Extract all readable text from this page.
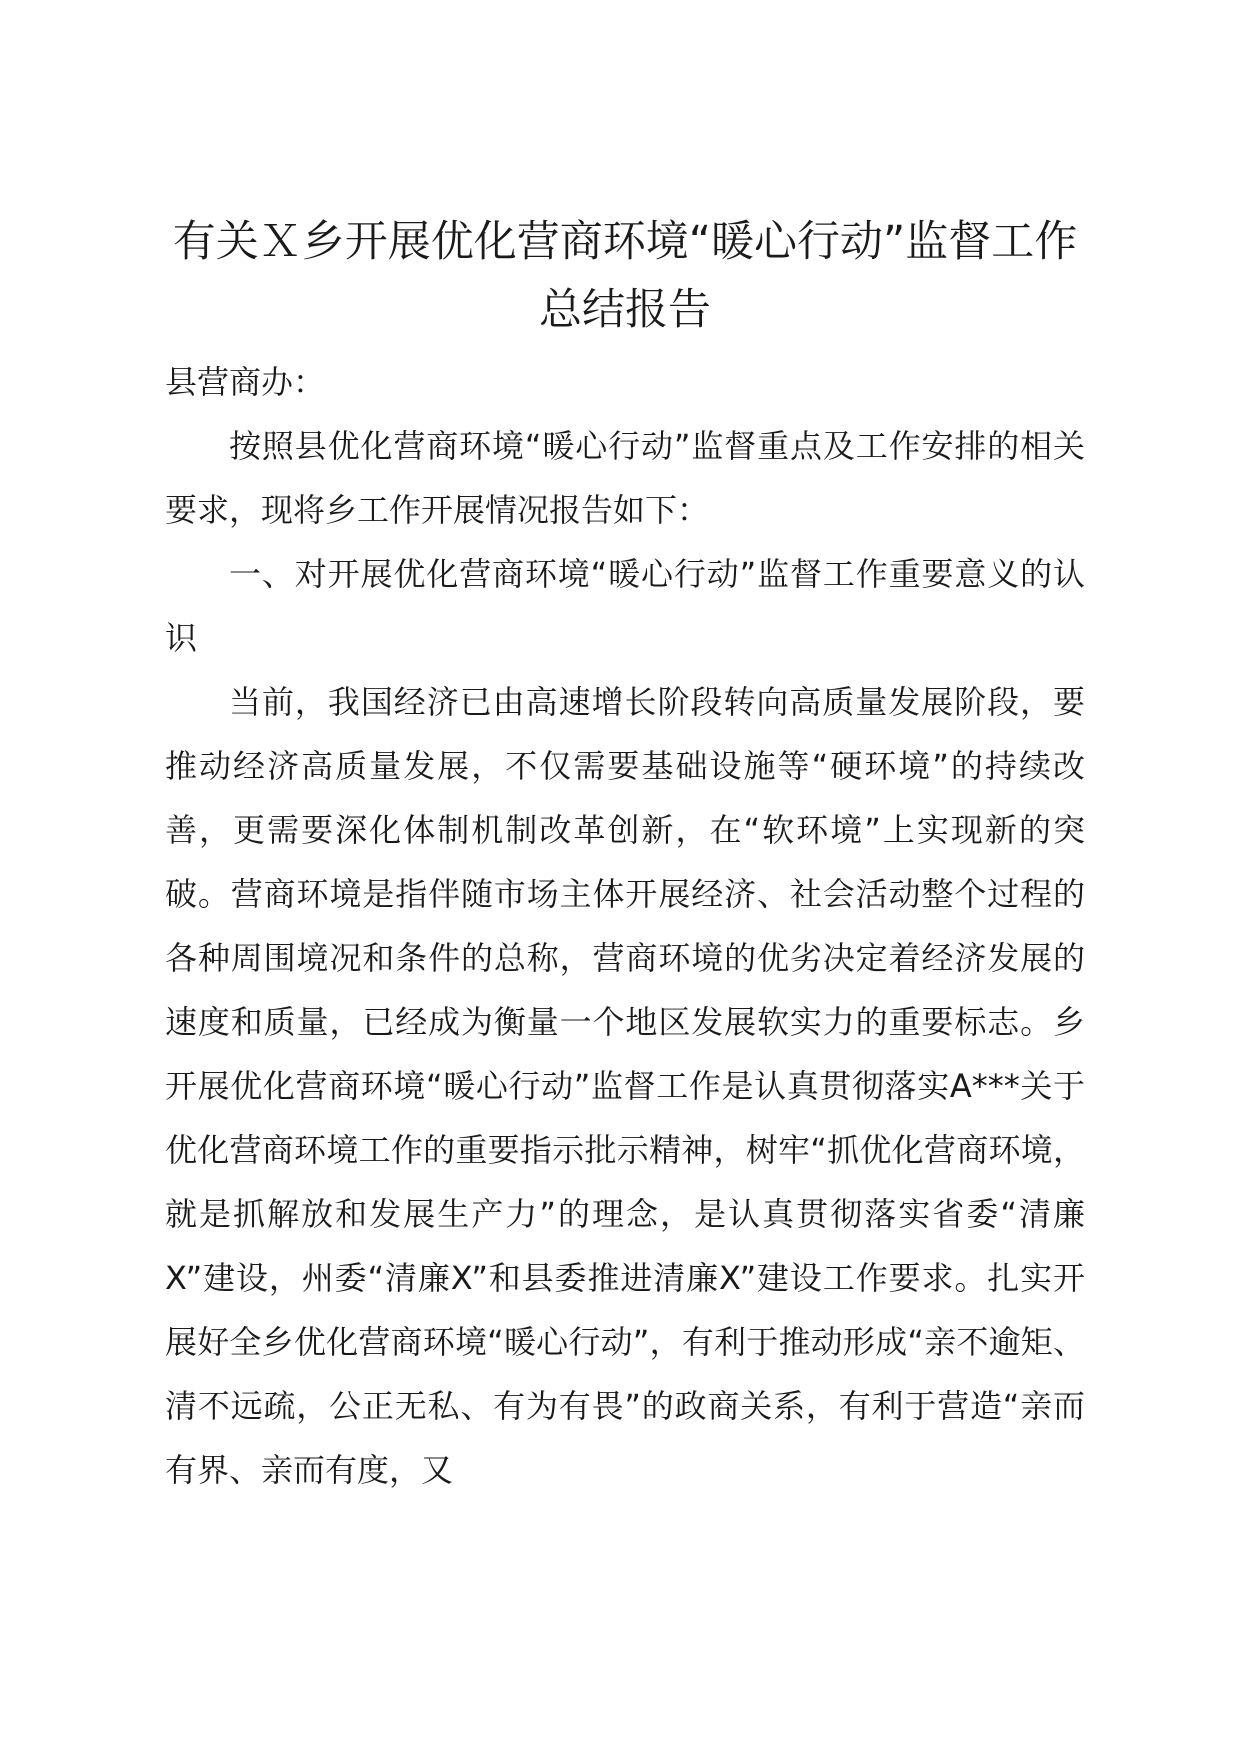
有关Ｘ乡开展优化营商环境“暖心行动”监督工作总结报告

县营商办：

按照县优化营商环境“暖心行动”监督重点及工作安排的相关要求，现将乡工作开展情况报告如下：

一、对开展优化营商环境“暖心行动”监督工作重要意义的认识

当前，我国经济已由高速增长阶段转向高质量发展阶段，要推动经济高质量发展，不仅需要基础设施等“硬环境”的持续改善，更需要深化体制机制改革创新，在“软环境”上实现新的突破。营商环境是指伴随市场主体开展经济、社会活动整个过程的各种周围境况和条件的总称，营商环境的优劣决定着经济发展的速度和质量，已经成为衡量一个地区发展软实力的重要标志。乡开展优化营商环境“暖心行动”监督工作是认真贯彻落实A***关于优化营商环境工作的重要指示批示精神，树牢“抓优化营商环境，就是抓解放和发展生产力”的理念，是认真贯彻落实省委“清廉X”建设，州委“清廉X”和县委推进清廉X”建设工作要求。扎实开展好全乡优化营商环境“暖心行动”，有利于推动形成“亲不逾矩、清不远疏，公正无私、有为有畏”的政商关系，有利于营造“亲而有界、亲而有度，又
